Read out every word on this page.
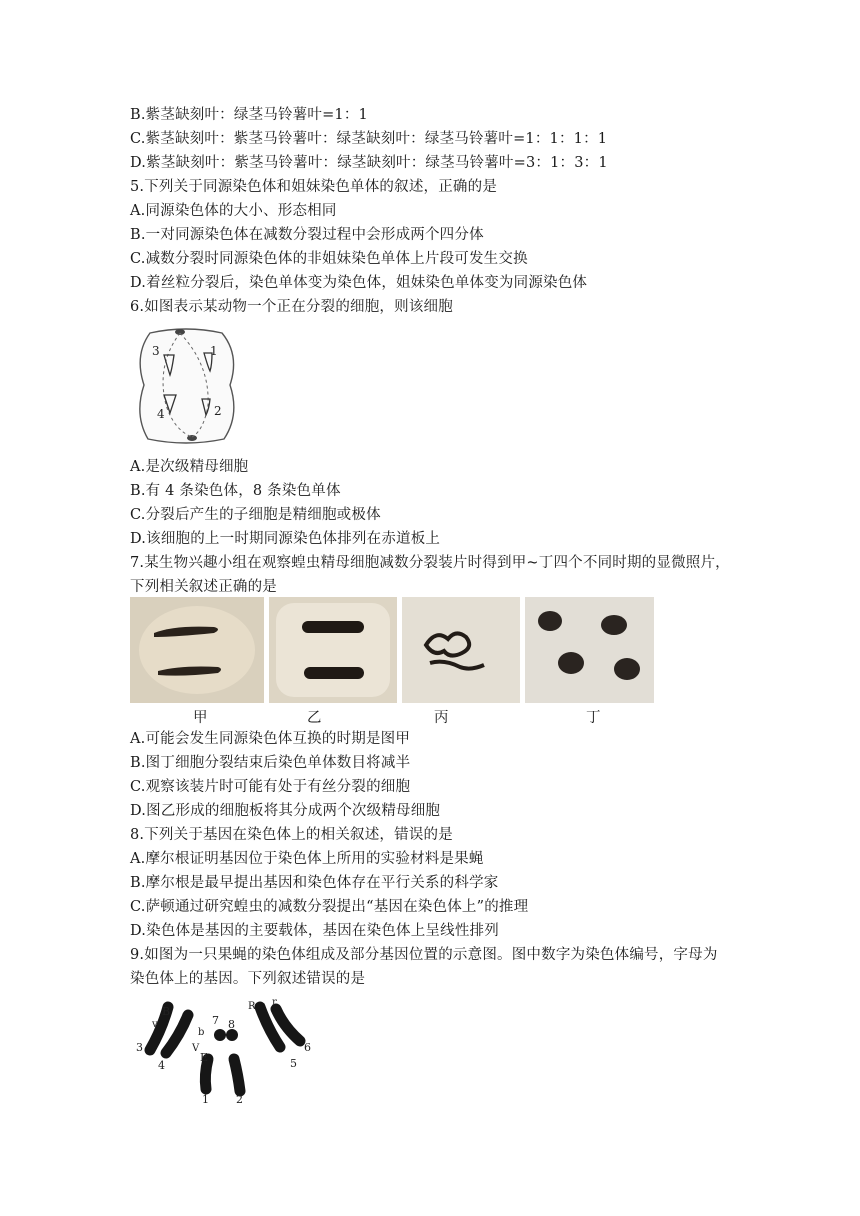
B.紫茎缺刻叶：绿茎马铃薯叶=1：1
C.紫茎缺刻叶：紫茎马铃薯叶：绿茎缺刻叶：绿茎马铃薯叶=1：1：1：1
D.紫茎缺刻叶：紫茎马铃薯叶：绿茎缺刻叶：绿茎马铃薯叶=3：1：3：1
5.下列关于同源染色体和姐妹染色单体的叙述，正确的是
A.同源染色体的大小、形态相同
B.一对同源染色体在减数分裂过程中会形成两个四分体
C.减数分裂时同源染色体的非姐妹染色单体上片段可发生交换
D.着丝粒分裂后，染色单体变为染色体，姐妹染色单体变为同源染色体
6.如图表示某动物一个正在分裂的细胞，则该细胞
3	1
4	2
A.是次级精母细胞
B.有 4 条染色体，8 条染色单体
C.分裂后产生的子细胞是精细胞或极体
D.该细胞的上一时期同源染色体排列在赤道板上
7.某生物兴趣小组在观察蝗虫精母细胞减数分裂装片时得到甲~丁四个不同时期的显微照片，
下列相关叙述正确的是
甲	乙	丙	丁
A.可能会发生同源染色体互换的时期是图甲
B.图丁细胞分裂结束后染色单体数目将减半
C.观察该装片时可能有处于有丝分裂的细胞
D.图乙形成的细胞板将其分成两个次级精母细胞
8.下列关于基因在染色体上的相关叙述，错误的是
A.摩尔根证明基因位于染色体上所用的实验材料是果蝇
B.摩尔根是最早提出基因和染色体存在平行关系的科学家
C.萨顿通过研究蝗虫的减数分裂提出“基因在染色体上”的推理
D.染色体是基因的主要载体，基因在染色体上呈线性排列
9.如图为一只果蝇的染色体组成及部分基因位置的示意图。图中数字为染色体编号，字母为
染色体上的基因。下列叙述错误的是
3
4
7 8
6
5
1 2
B
v
b
V
E
R r
